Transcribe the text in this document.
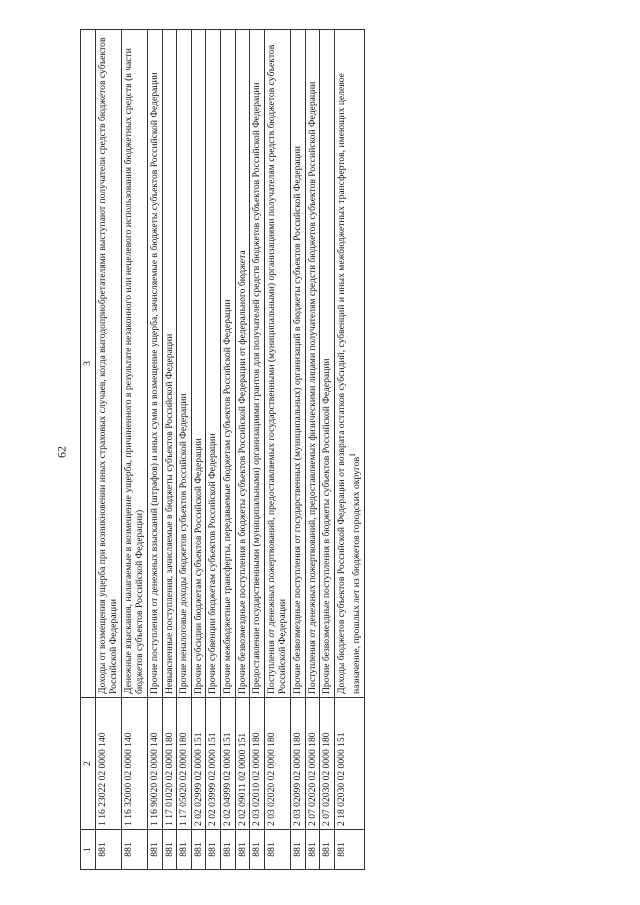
62
1	2	3
881	1 16 23022 02 0000 140	Доходы от возмещения ущерба при возникновении иных страховых случаев, когда выгодоприобретателями выступают получатели средств бюджетов субъектов Российской Федерации
881	1 16 32000 02 0000 140	Денежные взыскания, налагаемые в возмещение ущерба, причиненного в результате незаконного или нецелевого использования бюджетных средств (в части бюджетов субъектов Российской Федерации)
881	1 16 90020 02 0000 140	Прочие поступления от денежных взысканий (штрафов) и иных сумм в возмещение ущерба, зачисляемые в бюджеты субъектов Российской Федерации
881	1 17 01020 02 0000 180	Невыясненные поступления, зачисляемые в бюджеты субъектов Российской Федерации
881	1 17 05020 02 0000 180	Прочие неналоговые доходы бюджетов субъектов Российской Федерации
881	2 02 02999 02 0000 151	Прочие субсидии бюджетам субъектов Российской Федерации
881	2 02 03999 02 0000 151	Прочие субвенции бюджетам субъектов Российской Федерации
881	2 02 04999 02 0000 151	Прочие межбюджетные трансферты, передаваемые бюджетам субъектов Российской Федерации
881	2 02 09011 02 0000 151	Прочие безвозмездные поступления в бюджеты субъектов Российской Федерации от федерального бюджета
881	2 03 02010 02 0000 180	Предоставление государственными (муниципальными) организациями грантов для получателей средств бюджетов субъектов Российской Федерации
881	2 03 02020 02 0000 180	Поступления от денежных пожертвований, предоставляемых государственными (муниципальными) организациями получателям средств бюджетов субъектов Российской Федерации
881	2 03 02099 02 0000 180	Прочие безвозмездные поступления от государственных (муниципальных) организаций в бюджеты субъектов Российской Федерации
881	2 07 02020 02 0000 180	Поступления от денежных пожертвований, предоставляемых физическими лицами получателям средств бюджетов субъектов Российской Федерации
881	2 07 02030 02 0000 180	Прочие безвозмездные поступления в бюджеты субъектов Российской Федерации
881	2 18 02030 02 0000 151	Доходы бюджетов субъектов Российской Федерации от возврата остатков субсидий, субвенций и иных межбюджетных трансфертов, имеющих целевое назначение, прошлых лет из бюджетов городских округов$^1$
